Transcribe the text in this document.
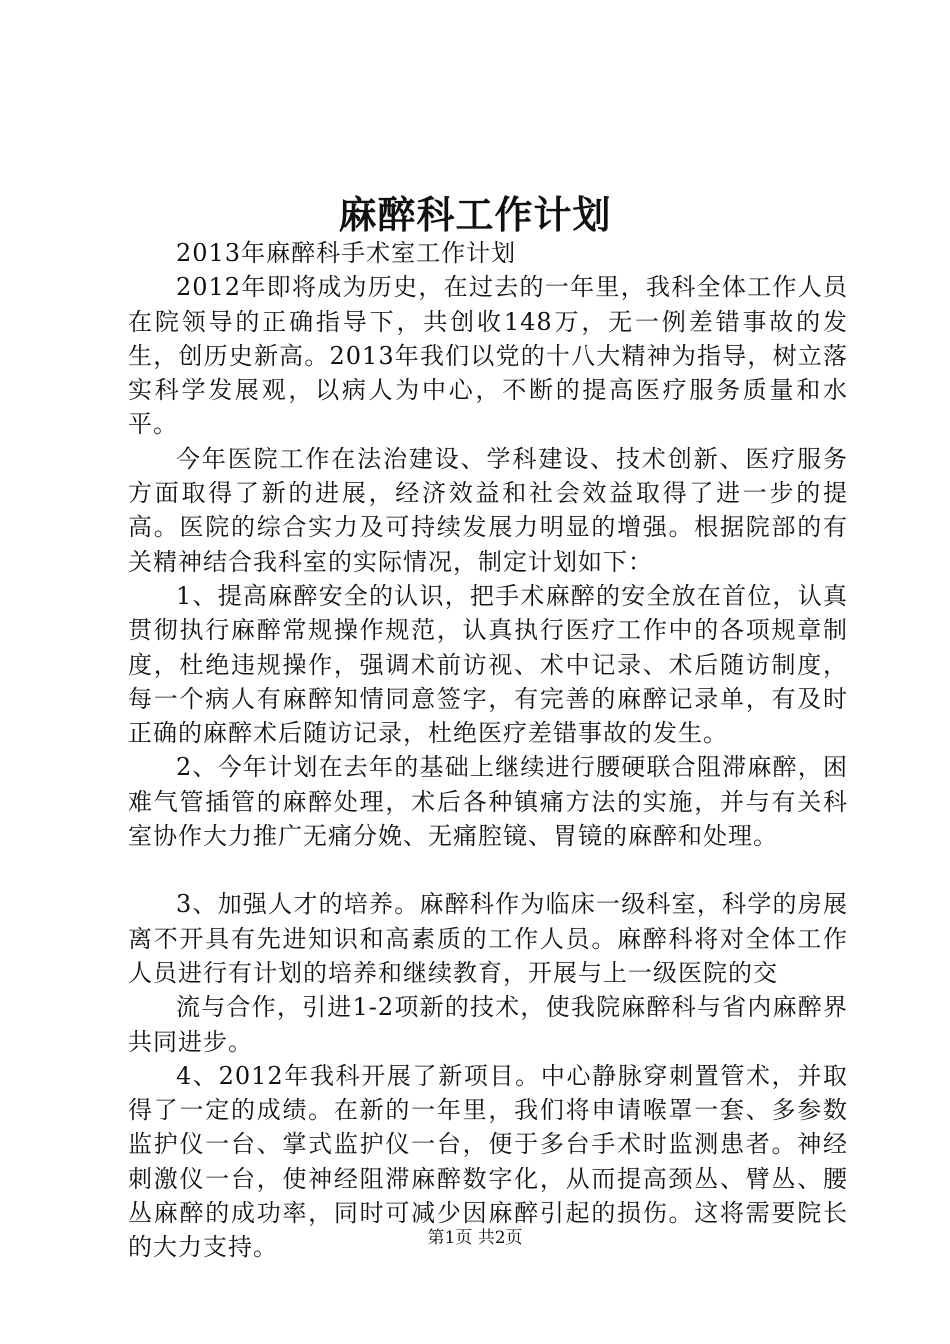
麻醉科工作计划

2013年麻醉科手术室工作计划

2012年即将成为历史，在过去的一年里，我科全体工作人员在院领导的正确指导下，共创收148万，无一例差错事故的发生，创历史新高。2013年我们以党的十八大精神为指导，树立落实科学发展观，以病人为中心，不断的提高医疗服务质量和水平。

今年医院工作在法治建设、学科建设、技术创新、医疗服务方面取得了新的进展，经济效益和社会效益取得了进一步的提高。医院的综合实力及可持续发展力明显的增强。根据院部的有关精神结合我科室的实际情况，制定计划如下：

1、提高麻醉安全的认识，把手术麻醉的安全放在首位，认真贯彻执行麻醉常规操作规范，认真执行医疗工作中的各项规章制度，杜绝违规操作，强调术前访视、术中记录、术后随访制度，每一个病人有麻醉知情同意签字，有完善的麻醉记录单，有及时正确的麻醉术后随访记录，杜绝医疗差错事故的发生。

2、今年计划在去年的基础上继续进行腰硬联合阻滞麻醉，困难气管插管的麻醉处理，术后各种镇痛方法的实施，并与有关科室协作大力推广无痛分娩、无痛腔镜、胃镜的麻醉和处理。

3、加强人才的培养。麻醉科作为临床一级科室，科学的房展离不开具有先进知识和高素质的工作人员。麻醉科将对全体工作人员进行有计划的培养和继续教育，开展与上一级医院的交

流与合作，引进1-2项新的技术，使我院麻醉科与省内麻醉界共同进步。

4、2012年我科开展了新项目。中心静脉穿刺置管术，并取得了一定的成绩。在新的一年里，我们将申请喉罩一套、多参数监护仪一台、掌式监护仪一台，便于多台手术时监测患者。神经刺激仪一台，使神经阻滞麻醉数字化，从而提高颈丛、臂丛、腰丛麻醉的成功率，同时可减少因麻醉引起的损伤。这将需要院长的大力支持。	第1页 共2页
